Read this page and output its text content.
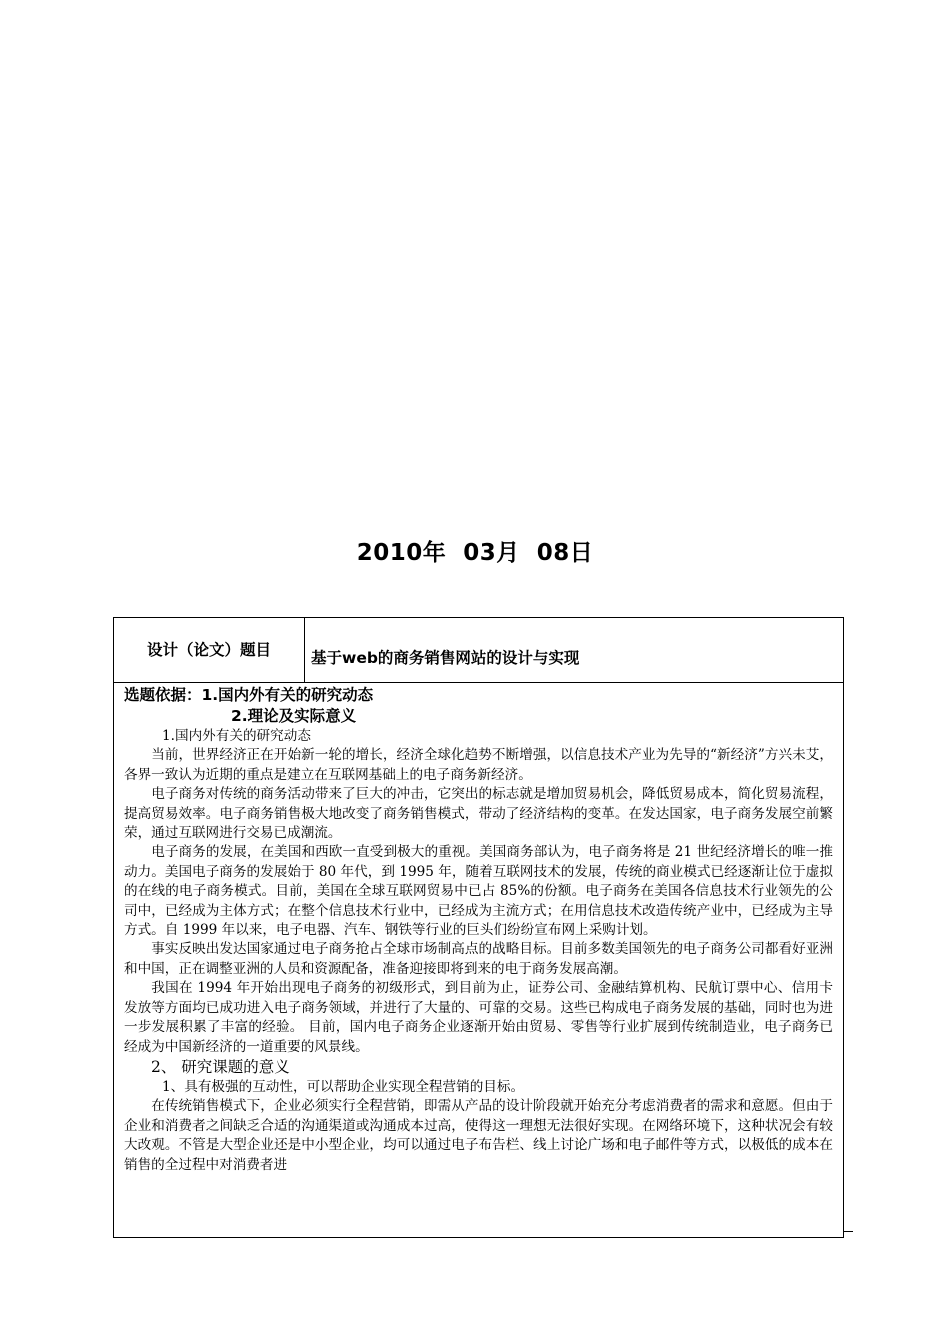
2010年  03月  08日
设计（论文）题目	基于web的商务销售网站的设计与实现

选题依据：1.国内外有关的研究动态
2.理论及实际意义

1.国内外有关的研究动态

当前，世界经济正在开始新一轮的增长，经济全球化趋势不断增强，以信息技术产业为先导的“新经济”方兴未艾，各界一致认为近期的重点是建立在互联网基础上的电子商务新经济。

电子商务对传统的商务活动带来了巨大的冲击，它突出的标志就是增加贸易机会，降低贸易成本，简化贸易流程，提高贸易效率。电子商务销售极大地改变了商务销售模式，带动了经济结构的变革。在发达国家，电子商务发展空前繁荣，通过互联网进行交易已成潮流。

电子商务的发展，在美国和西欧一直受到极大的重视。美国商务部认为，电子商务将是 21 世纪经济增长的唯一推动力。美国电子商务的发展始于 80 年代，到 1995 年，随着互联网技术的发展，传统的商业模式已经逐渐让位于虚拟的在线的电子商务模式。目前，美国在全球互联网贸易中已占 85%的份额。电子商务在美国各信息技术行业领先的公司中，已经成为主体方式；在整个信息技术行业中，已经成为主流方式；在用信息技术改造传统产业中，已经成为主导方式。自 1999 年以来，电子电器、汽车、钢铁等行业的巨头们纷纷宣布网上采购计划。

事实反映出发达国家通过电子商务抢占全球市场制高点的战略目标。目前多数美国领先的电子商务公司都看好亚洲和中国，正在调整亚洲的人员和资源配备，准备迎接即将到来的电于商务发展高潮。

我国在 1994 年开始出现电子商务的初级形式，到目前为止，证券公司、金融结算机构、民航订票中心、信用卡发放等方面均已成功进入电子商务领域，并进行了大量的、可靠的交易。这些已构成电子商务发展的基础，同时也为进一步发展积累了丰富的经验。 目前，国内电子商务企业逐渐开始由贸易、零售等行业扩展到传统制造业，电子商务已经成为中国新经济的一道重要的风景线。

2、 研究课题的意义

1、具有极强的互动性，可以帮助企业实现全程营销的目标。

在传统销售模式下，企业必须实行全程营销，即需从产品的设计阶段就开始充分考虑消费者的需求和意愿。但由于企业和消费者之间缺乏合适的沟通渠道或沟通成本过高，使得这一理想无法很好实现。在网络环境下，这种状况会有较大改观。不管是大型企业还是中小型企业，均可以通过电子布告栏、线上讨论广场和电子邮件等方式，以极低的成本在销售的全过程中对消费者进
